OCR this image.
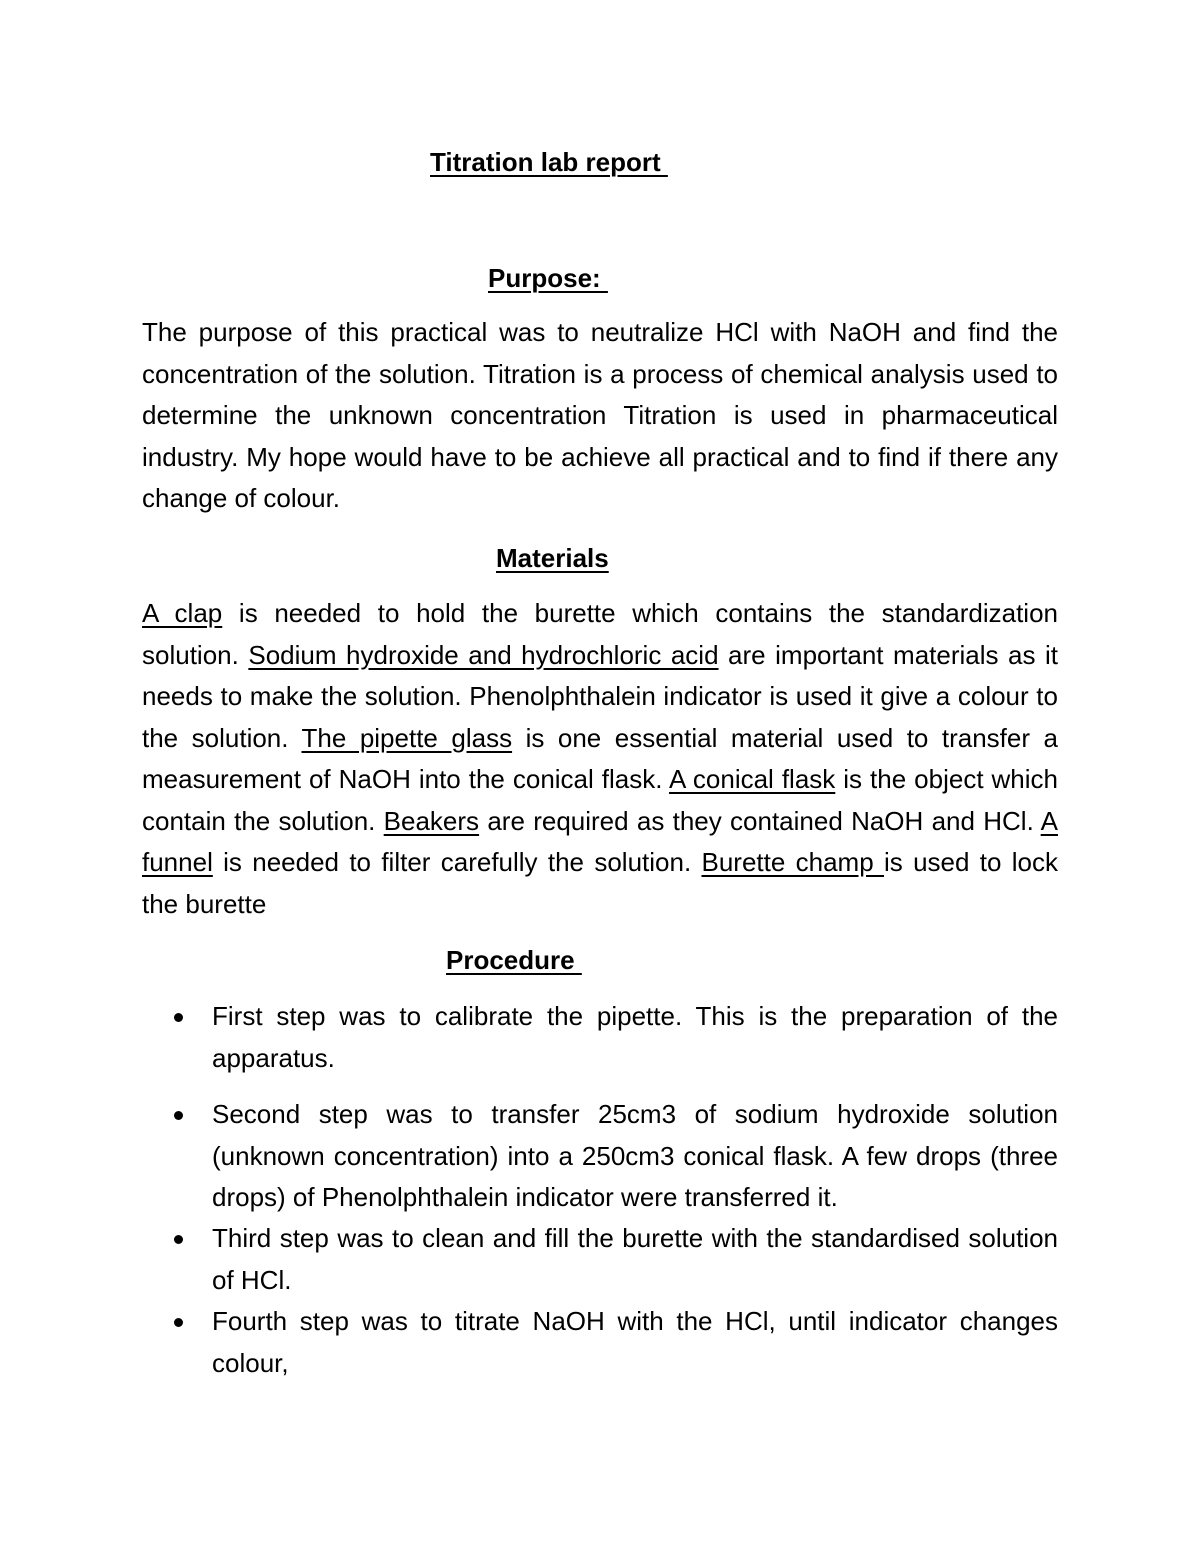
Titration lab report
Purpose:

The purpose of this practical was to neutralize HCl with NaOH and find the concentration of the solution. Titration is a process of chemical analysis used to determine the unknown concentration Titration is used in pharmaceutical industry. My hope would have to be achieve all practical and to find if there any change of colour.

Materials

A clap is needed to hold the burette which contains the standardization solution. Sodium hydroxide and hydrochloric acid are important materials as it needs to make the solution. Phenolphthalein indicator is used it give a colour to the solution. The pipette glass is one essential material used to transfer a measurement of NaOH into the conical flask. A conical flask is the object which contain the solution. Beakers are required as they contained NaOH and HCl. A funnel is needed to filter carefully the solution. Burette champ is used to lock the burette

Procedure
First step was to calibrate the pipette. This is the preparation of the apparatus.
Second step was to transfer 25cm3 of sodium hydroxide solution (unknown concentration) into a 250cm3 conical flask. A few drops (three drops) of Phenolphthalein indicator were transferred it.
Third step was to clean and fill the burette with the standardised solution of HCl.
Fourth step was to titrate NaOH with the HCl, until indicator changes colour,
